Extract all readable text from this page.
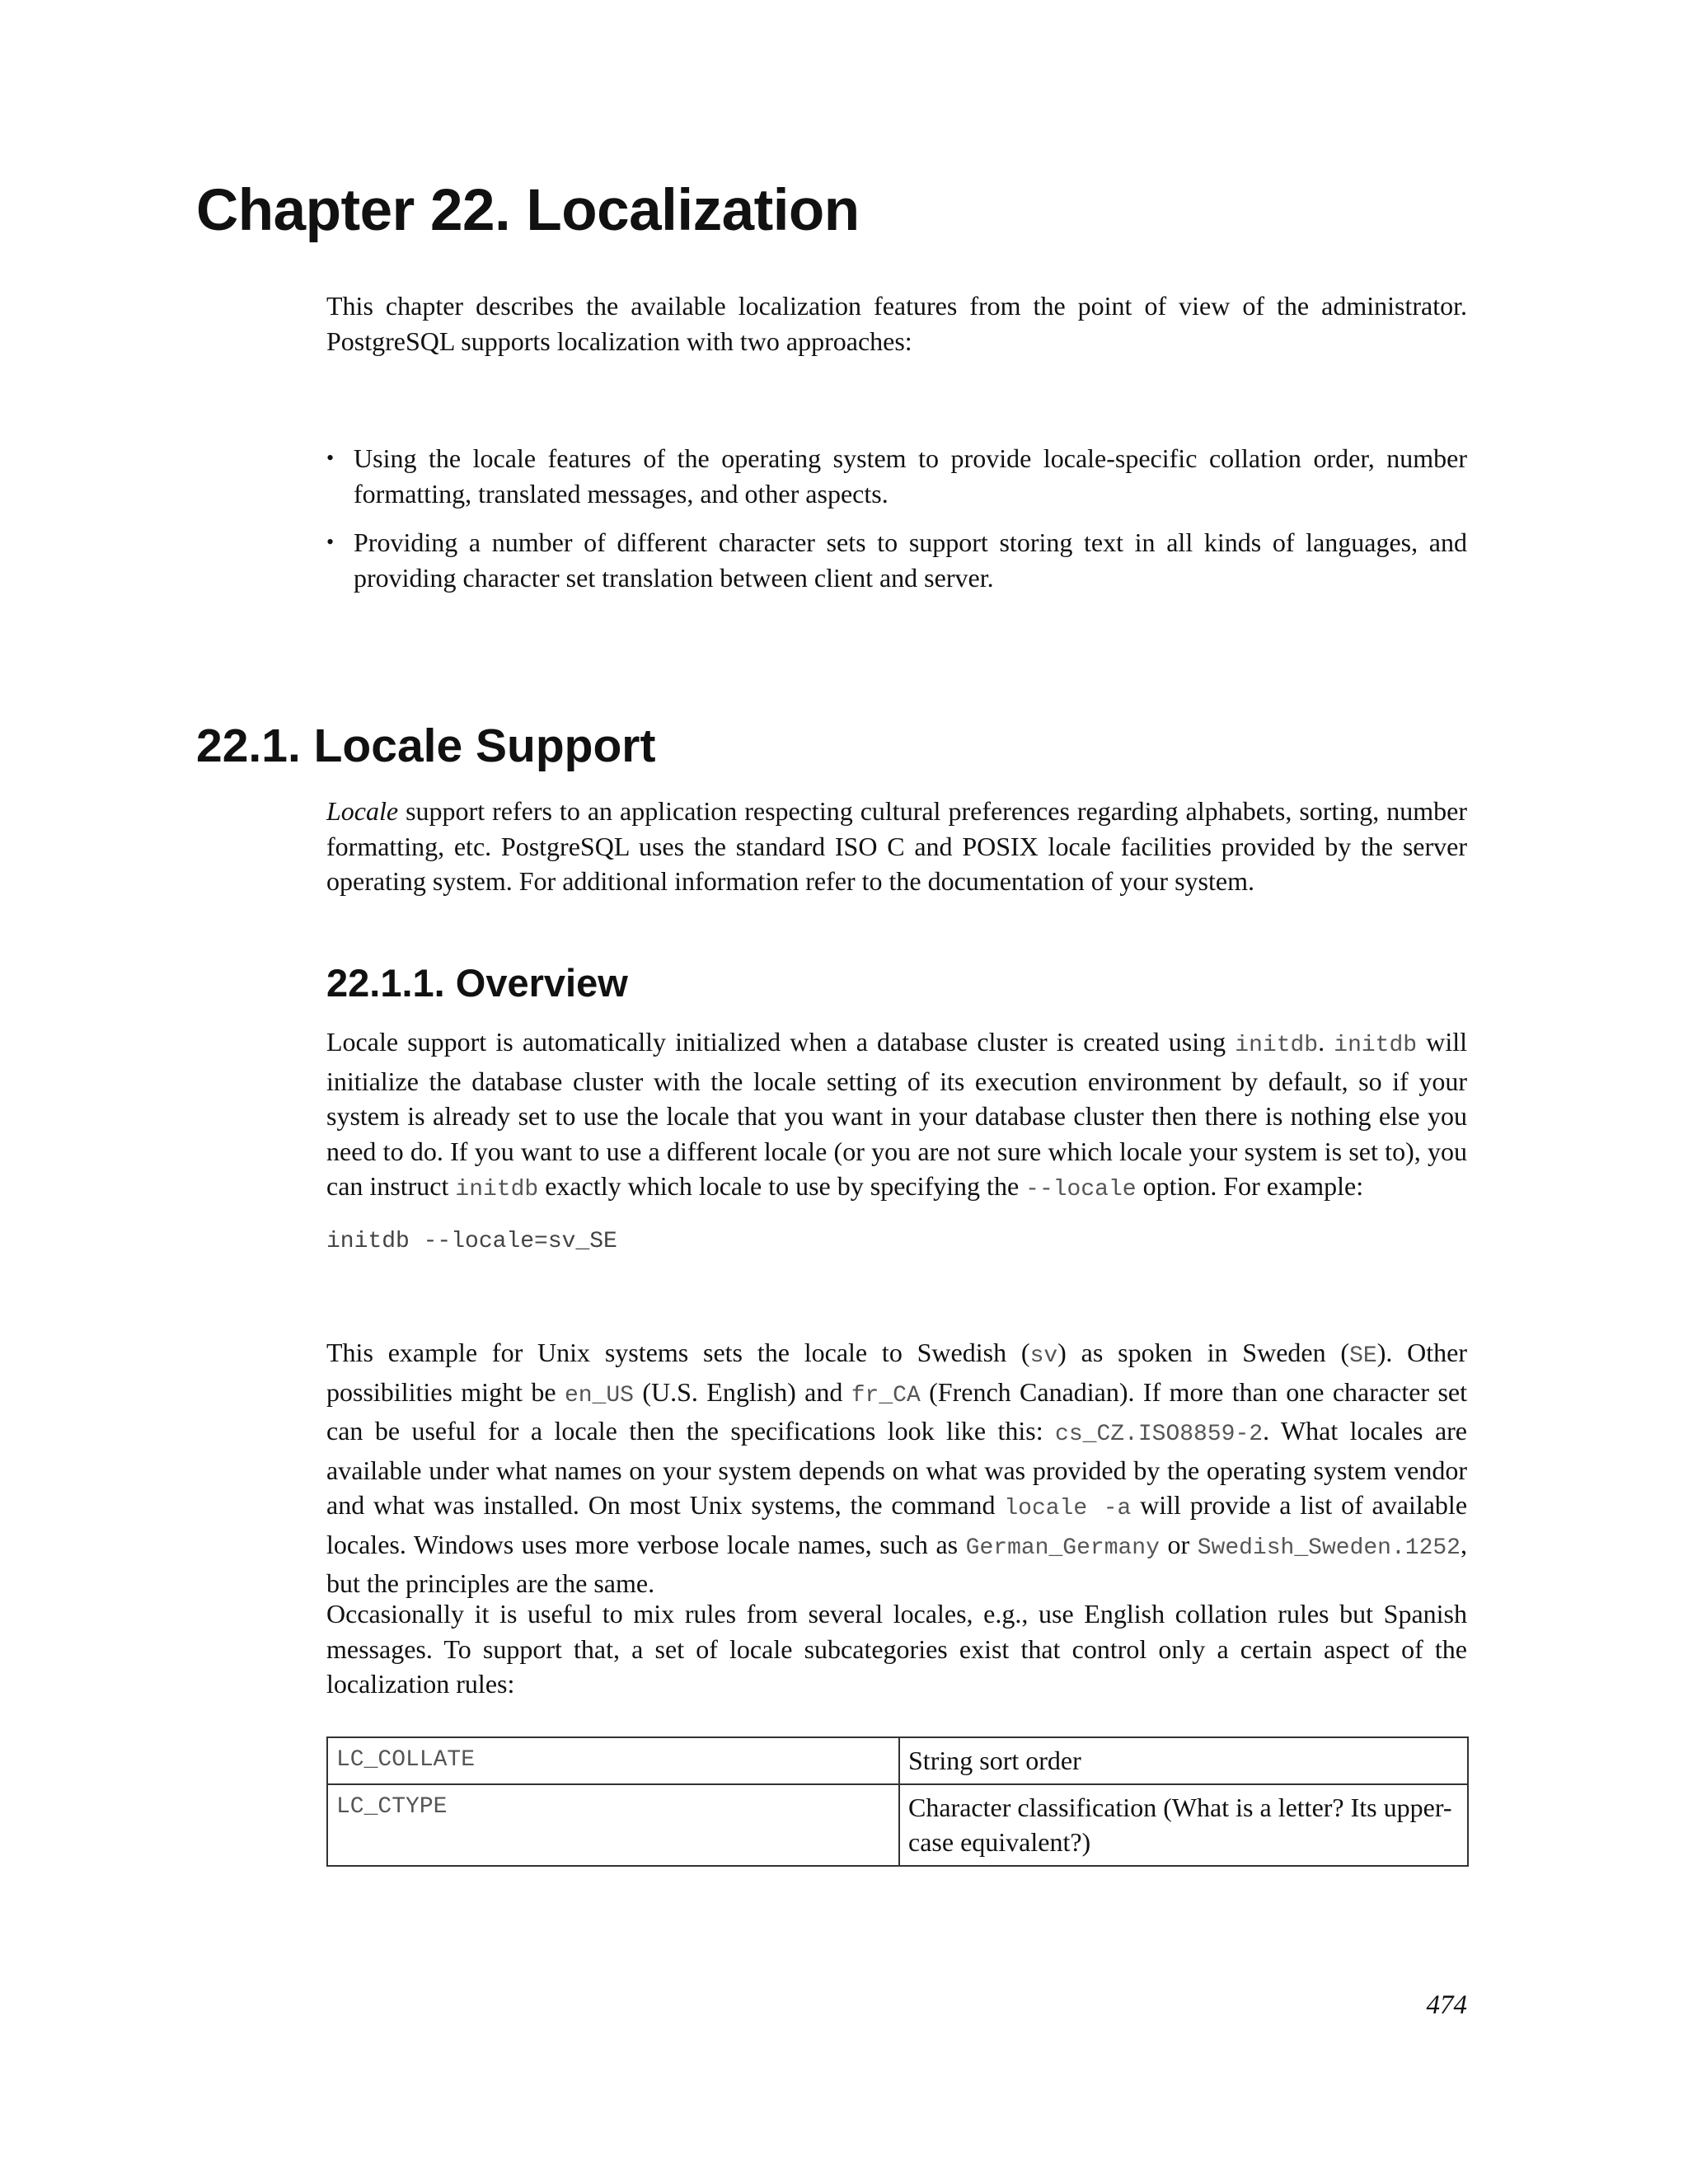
Chapter 22. Localization

This chapter describes the available localization features from the point of view of the administrator. PostgreSQL supports localization with two approaches:

• Using the locale features of the operating system to provide locale-specific collation order, number formatting, translated messages, and other aspects.
• Providing a number of different character sets to support storing text in all kinds of languages, and providing character set translation between client and server.
22.1. Locale Support

Locale support refers to an application respecting cultural preferences regarding alphabets, sorting, number formatting, etc. PostgreSQL uses the standard ISO C and POSIX locale facilities provided by the server operating system. For additional information refer to the documentation of your system.

22.1.1. Overview

Locale support is automatically initialized when a database cluster is created using initdb. initdb will initialize the database cluster with the locale setting of its execution environment by default, so if your system is already set to use the locale that you want in your database cluster then there is nothing else you need to do. If you want to use a different locale (or you are not sure which locale your system is set to), you can instruct initdb exactly which locale to use by specifying the --locale option. For example:

initdb --locale=sv_SE

This example for Unix systems sets the locale to Swedish (sv) as spoken in Sweden (SE). Other possibilities might be en_US (U.S. English) and fr_CA (French Canadian). If more than one character set can be useful for a locale then the specifications look like this: cs_CZ.ISO8859-2. What locales are available under what names on your system depends on what was provided by the operating system vendor and what was installed. On most Unix systems, the command locale -a will provide a list of available locales. Windows uses more verbose locale names, such as German_Germany or Swedish_Sweden.1252, but the principles are the same.

Occasionally it is useful to mix rules from several locales, e.g., use English collation rules but Spanish messages. To support that, a set of locale subcategories exist that control only a certain aspect of the localization rules:

LC_COLLATE	String sort order
LC_CTYPE	Character classification (What is a letter? Its upper-case equivalent?)
474
